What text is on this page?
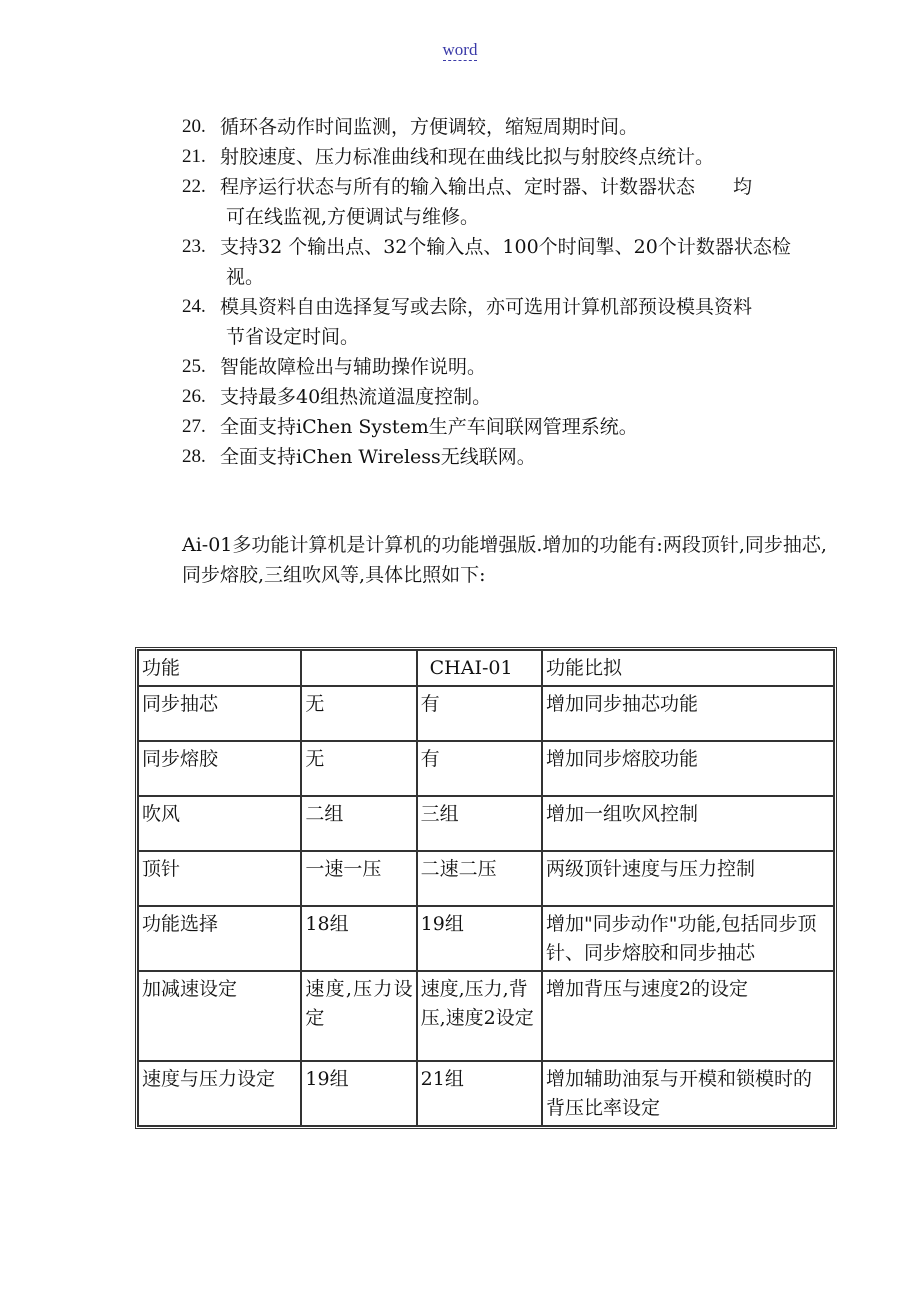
word
20. 循环各动作时间监测，方便调较，缩短周期时间。
21. 射胶速度、压力标准曲线和现在曲线比拟与射胶终点统计。
22. 程序运行状态与所有的输入输出点、定时器、计数器状态　　均
可在线监视,方便调试与维修。
23. 支持32 个输出点、32个输入点、100个时间掣、20个计数器状态检
视。
24. 模具资料自由选择复写或去除，亦可选用计算机部预设模具资料
节省设定时间。
25. 智能故障检出与辅助操作说明。
26. 支持最多40组热流道温度控制。
27. 全面支持iChen System生产车间联网管理系统。
28. 全面支持iChen Wireless无线联网。
Ai-01多功能计算机是计算机的功能增强版.增加的功能有:两段顶针,同步抽芯,同步熔胶,三组吹风等,具体比照如下:
功能		CHAI-01	功能比拟
同步抽芯	无	有	增加同步抽芯功能
同步熔胶	无	有	增加同步熔胶功能
吹风	二组	三组	增加一组吹风控制
顶针	一速一压	二速二压	两级顶针速度与压力控制
功能选择	18组	19组	增加"同步动作"功能,包括同步顶针、同步熔胶和同步抽芯
加减速设定	速度,压力设定	速度,压力,背压,速度2设定	增加背压与速度2的设定
速度与压力设定	19组	21组	增加辅助油泵与开模和锁模时的背压比率设定
